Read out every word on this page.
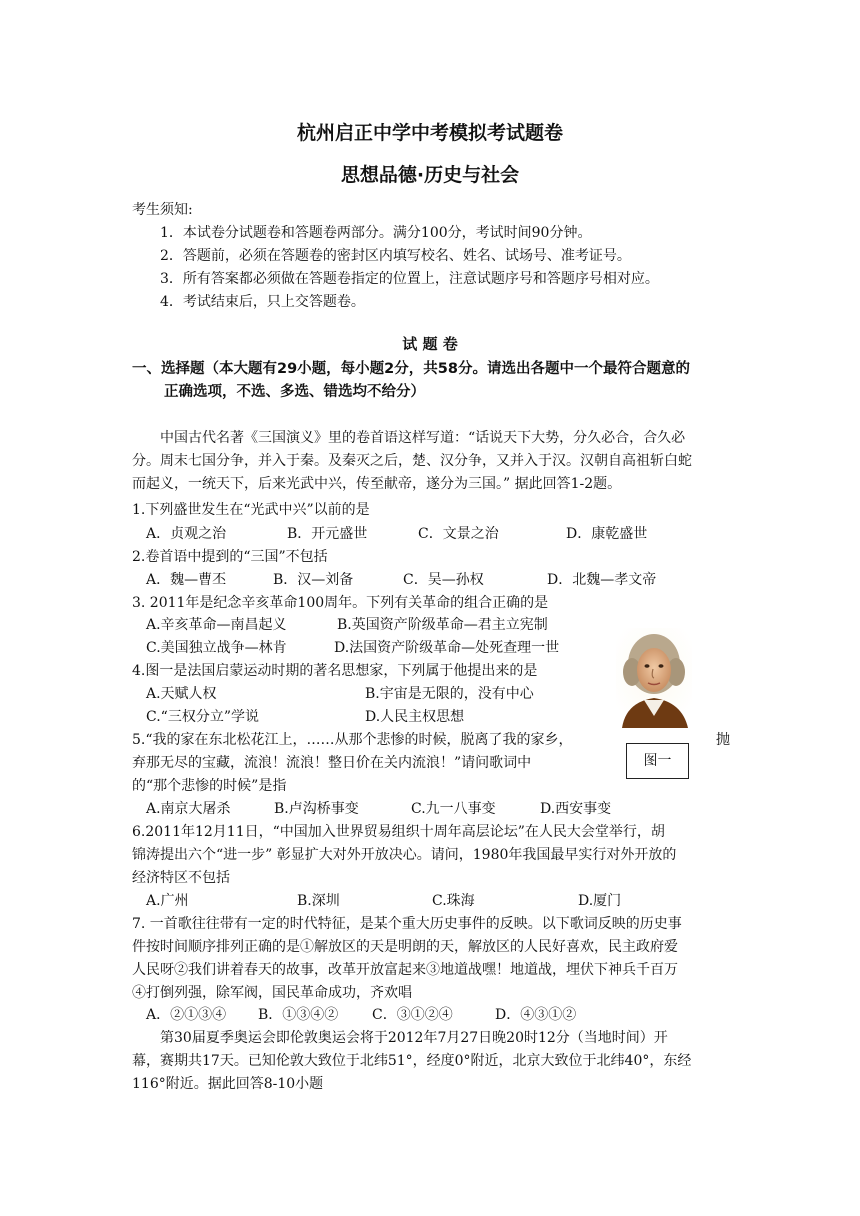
杭州启正中学中考模拟考试题卷
思想品德·历史与社会
考生须知:
1．本试卷分试题卷和答题卷两部分。满分100分，考试时间90分钟。
2．答题前，必须在答题卷的密封区内填写校名、姓名、试场号、准考证号。
3．所有答案都必须做在答题卷指定的位置上，注意试题序号和答题序号相对应。
4．考试结束后，只上交答题卷。
试 题 卷
一、选择题（本大题有29小题，每小题2分，共58分。请选出各题中一个最符合题意的
正确选项，不选、多选、错选均不给分）
中国古代名著《三国演义》里的卷首语这样写道：“话说天下大势，分久必合，合久必
分。周末七国分争，并入于秦。及秦灭之后，楚、汉分争，又并入于汉。汉朝自高祖斩白蛇
而起义，一统天下，后来光武中兴，传至献帝，遂分为三国。” 据此回答1-2题。
1.下列盛世发生在“光武中兴”以前的是
A．贞观之治	B．开元盛世	C．文景之治	D．康乾盛世
2.卷首语中提到的“三国”不包括
A．魏—曹丕	B．汉—刘备	C．吴—孙权	D．北魏—孝文帝
3. 2011年是纪念辛亥革命100周年。下列有关革命的组合正确的是
A.辛亥革命—南昌起义	B.英国资产阶级革命—君主立宪制
C.美国独立战争—林肯	D.法国资产阶级革命—处死查理一世
4.图一是法国启蒙运动时期的著名思想家，下列属于他提出来的是
A.天赋人权	B.宇宙是无限的，没有中心
C.“三权分立”学说	D.人民主权思想
图一
5.“我的家在东北松花江上，……从那个悲惨的时候，脱离了我的家乡，	抛
弃那无尽的宝藏，流浪！流浪！整日价在关内流浪！”请问歌词中
的“那个悲惨的时候”是指
A.南京大屠杀	B.卢沟桥事变	C.九一八事变	D.西安事变
6.2011年12月11日，“中国加入世界贸易组织十周年高层论坛”在人民大会堂举行，胡
锦涛提出六个“进一步” 彰显扩大对外开放决心。请问，1980年我国最早实行对外开放的
经济特区不包括
A.广州	B.深圳	C.珠海	D.厦门
7. 一首歌往往带有一定的时代特征，是某个重大历史事件的反映。以下歌词反映的历史事
件按时间顺序排列正确的是①解放区的天是明朗的天，解放区的人民好喜欢，民主政府爱
人民呀②我们讲着春天的故事，改革开放富起来③地道战嘿！地道战，埋伏下神兵千百万
④打倒列强，除军阀，国民革命成功，齐欢唱
A．②①③④ B．①③④② C．③①②④	D．④③①②
第30届夏季奥运会即伦敦奥运会将于2012年7月27日晚20时12分（当地时间）开
幕，赛期共17天。已知伦敦大致位于北纬51°，经度0°附近，北京大致位于北纬40°，东经
116°附近。据此回答8-10小题
